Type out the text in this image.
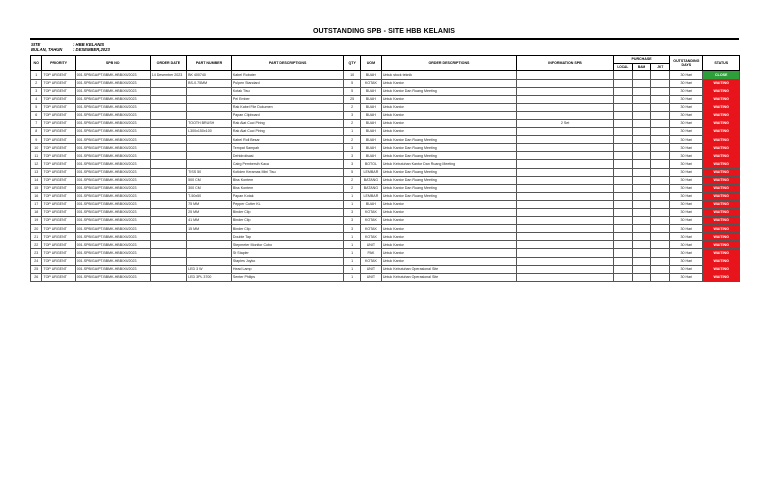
OUTSTANDING SPB - SITE HBB KELANIS
SITE	: HBB KELANIS
BULAN, TAHUN	: DESEMBER,2023
NO	PRIORITY	SPB NO	ORDER DATE	PART NUMBER	PART DESCRIPTIONS	QTY	UOM	ORDER DESCRIPTIONS	INFORMATION SPB	PURCHASE			OUTSTANDING DAYS	STATUS
										LOCAL	BAM	JKT		
1	TOP URGENT	001.SPB/GA/PT.BBMK-HBB/XII/2023	14 Desember 2023	BK 400740	Kabel Roboter	10	BUAH	Untuk stock teknik					30 Hari	CLOSE
2	TOP URGENT	001.SPB/GA/PT.BBMK-HBB/XII/2023		BS-0.75MM	Pulpen Standard	5	KOTAK	Untuk Kantor					30 Hari	WAITING
3	TOP URGENT	001.SPB/GA/PT.BBMK-HBB/XII/2023			Kotak Tisu	5	BUAH	Untuk Kantor Dan Ruang Meeting					30 Hari	WAITING
4	TOP URGENT	001.SPB/GA/PT.BBMK-HBB/XII/2023			Pel Ember	25	BUAH	Untuk Kantor					30 Hari	WAITING
5	TOP URGENT	001.SPB/GA/PT.BBMK-HBB/XII/2023			Rak Kabel File Dokumen	2	BUAH	Untuk Kantor					30 Hari	WAITING
6	TOP URGENT	001.SPB/GA/PT.BBMK-HBB/XII/2023			Papan Clipboard	3	BUAH	Untuk Kantor					30 Hari	WAITING
7	TOP URGENT	001.SPB/GA/PT.BBMK-HBB/XII/2023		TOOTH BRUSH	Rak Alat Cuci Piring	2	BUAH	Untuk Kantor	2 Set				30 Hari	WAITING
8	TOP URGENT	001.SPB/GA/PT.BBMK-HBB/XII/2023		L300x150x100	Rak Alat Cuci Piring	1	BUAH	Untuk Kantor					30 Hari	WAITING
9	TOP URGENT	001.SPB/GA/PT.BBMK-HBB/XII/2023			Kabel Roll Besar	2	BUAH	Untuk Kantor Dan Ruang Meeting					30 Hari	WAITING
10	TOP URGENT	001.SPB/GA/PT.BBMK-HBB/XII/2023			Tempat Sampah	3	BUAH	Untuk Kantor Dan Ruang Meeting					30 Hari	WAITING
11	TOP URGENT	001.SPB/GA/PT.BBMK-HBB/XII/2023			Dehidrolisasi	3	BUAH	Untuk Kantor Dan Ruang Meeting					30 Hari	WAITING
12	TOP URGENT	001.SPB/GA/PT.BBMK-HBB/XII/2023			Cairg Pembersih Kaca	3	BOTOL	Untuk Kebutuhan Kantor Dan Ruang Meeting					30 Hari	WAITING
13	TOP URGENT	001.SPB/GA/PT.BBMK-HBB/XII/2023		TISS 50	Kotiden Keramas Mini Tisu	5	LEMBAR	Untuk Kantor Dan Ruang Meeting					30 Hari	WAITING
14	TOP URGENT	001.SPB/GA/PT.BBMK-HBB/XII/2023		500 CM	Biss Kontem	2	BATANG	Untuk Kantor Dan Ruang Meeting					30 Hari	WAITING
15	TOP URGENT	001.SPB/GA/PT.BBMK-HBB/XII/2023		300 CM	Biss Kontem	2	BATANG	Untuk Kantor Dan Ruang Meeting					30 Hari	WAITING
16	TOP URGENT	001.SPB/GA/PT.BBMK-HBB/XII/2023		T-50x50	Papan Kotak	1	LEMBAR	Untuk Kantor Dan Ruang Meeting					30 Hari	WAITING
17	TOP URGENT	001.SPB/GA/PT.BBMK-HBB/XII/2023		75 MM	Pepper Cutter KL	1	BUAH	Untuk Kantor					30 Hari	WAITING
18	TOP URGENT	001.SPB/GA/PT.BBMK-HBB/XII/2023		25 MM	Binder Clip	3	KOTAK	Untuk Kantor					30 Hari	WAITING
19	TOP URGENT	001.SPB/GA/PT.BBMK-HBB/XII/2023		41 MM	Binder Clip	3	KOTAK	Untuk Kantor					30 Hari	WAITING
20	TOP URGENT	001.SPB/GA/PT.BBMK-HBB/XII/2023		15 MM	Binder Clip	3	KOTAK	Untuk Kantor					30 Hari	WAITING
21	TOP URGENT	001.SPB/GA/PT.BBMK-HBB/XII/2023			Double Tap	1	KOTAK	Untuk Kantor					30 Hari	WAITING
22	TOP URGENT	001.SPB/GA/PT.BBMK-HBB/XII/2023			Stepmeter Monitor Cobo	1	UNIT	Untuk Kantor					30 Hari	WAITING
23	TOP URGENT	001.SPB/GA/PT.BBMK-HBB/XII/2023			St Stapler	1	PAK	Untuk Kantor					30 Hari	WAITING
24	TOP URGENT	001.SPB/GA/PT.BBMK-HBB/XII/2023			Staples Joyko	1	KOTAK	Untuk Kantor					30 Hari	WAITING
25	TOP URGENT	001.SPB/GA/PT.BBMK-HBB/XII/2023		LED 3 W	Head Lamp	1	UNIT	Untuk Kebutuhan Operasional Site					30 Hari	WAITING
26	TOP URGENT	001.SPB/GA/PT.BBMK-HBB/XII/2023		LED 3PL 3700	Senter Philips	1	UNIT	Untuk Kebutuhan Operasional Site					30 Hari	WAITING
